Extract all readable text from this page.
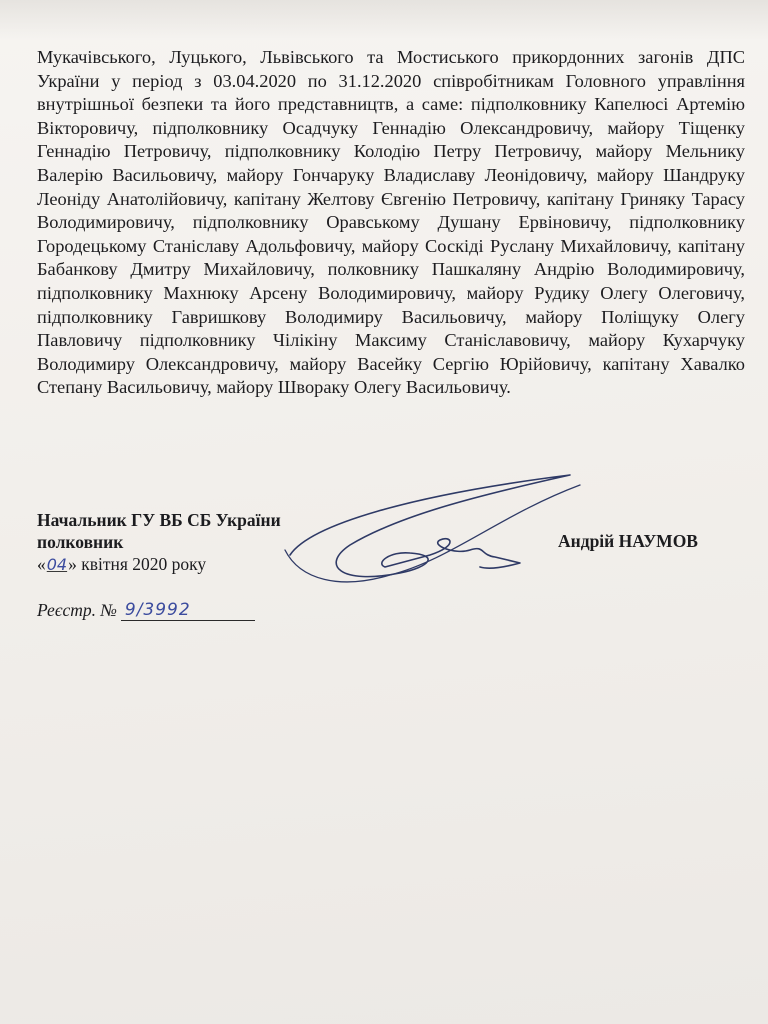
Мукачівського, Луцького, Львівського та Мостиського прикордонних загонів ДПС України у період з 03.04.2020 по 31.12.2020 співробітникам Головного управління внутрішньої безпеки та його представництв, а саме: підполковнику Капелюсі Артемію Вікторовичу, підполковнику Осадчуку Геннадію Олександровичу, майору Тіщенку Геннадію Петровичу, підполковнику Колодію Петру Петровичу, майору Мельнику Валерію Васильовичу, майору Гончаруку Владиславу Леонідовичу, майору Шандруку Леоніду Анатолійовичу, капітану Желтову Євгенію Петровичу, капітану Гриняку Тарасу Володимировичу, підполковнику Оравському Душану Ервіновичу, підполковнику Городецькому Станіславу Адольфовичу, майору Соскіді Руслану Михайловичу, капітану Бабанкову Дмитру Михайловичу, полковнику Пашкаляну Андрію Володимировичу, підполковнику Махнюку Арсену Володимировичу, майору Рудику Олегу Олеговичу, підполковнику Гавришкову Володимиру Васильовичу, майору Поліщуку Олегу Павловичу підполковнику Чілікіну Максиму Станіславовичу, майору Кухарчуку Володимиру Олександровичу, майору Васейку Сергію Юрійовичу, капітану Хавалко Степану Васильовичу, майору Швораку Олегу Васильовичу.

Начальник ГУ ВБ СБ України
полковник
«04» квітня 2020 року
Андрій НАУМОВ
Реєстр. № 9/3992
